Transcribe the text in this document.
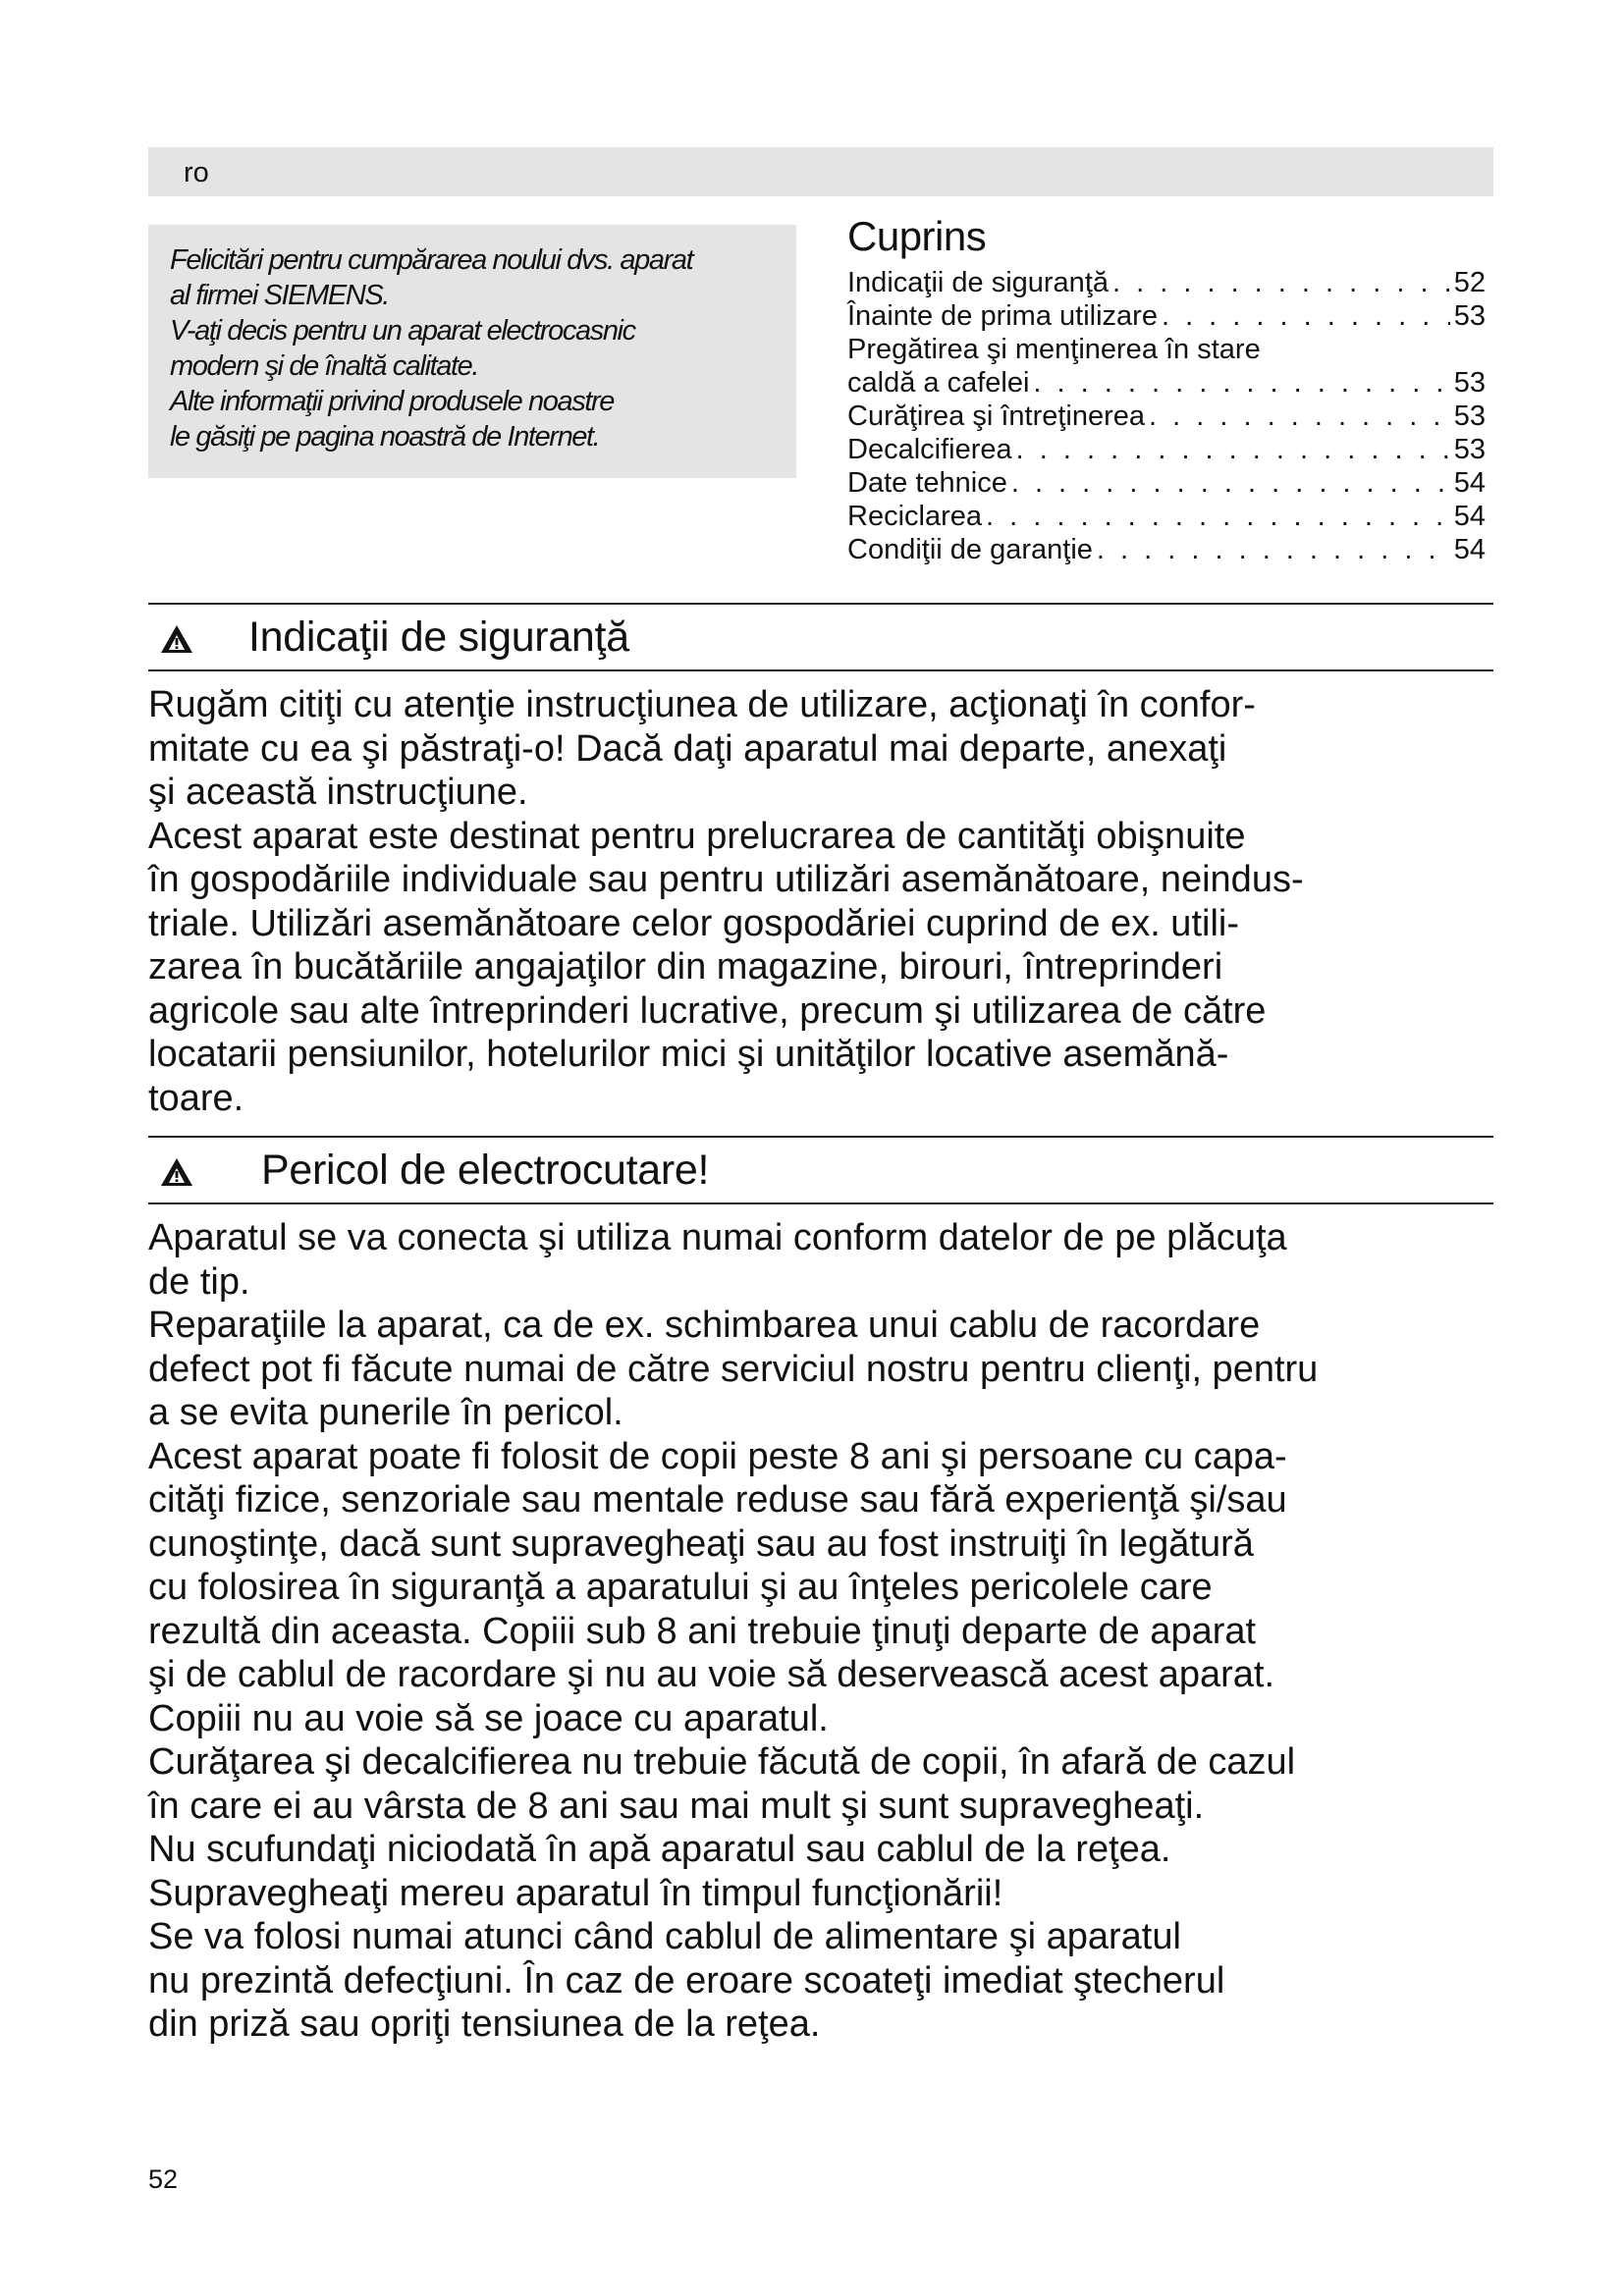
ro

Felicitări pentru cumpărarea noului dvs. aparat

al firmei SIEMENS.

V-aţi decis pentru un aparat electrocasnic

modern şi de înaltă calitate.

Alte informaţii privind produsele noastre

le găsiţi pe pagina noastră de Internet.

Cuprins
Indicaţii de siguranţă . . .	52
Înainte de prima utilizare . . .	53
Pregătirea şi menţinerea în stare
caldă a cafelei . . .	53
Curăţirea şi întreţinerea . . .	53
Decalcifierea . . .	53
Date tehnice . . .	54
Reciclarea . . .	54
Condiţii de garanţie . . .	54
Indicaţii de siguranţă

Rugăm citiţi cu atenţie instrucţiunea de utilizare, acţionaţi în confor-

mitate cu ea şi păstraţi-o! Dacă daţi aparatul mai departe, anexaţi

şi această instrucţiune.

Acest aparat este destinat pentru prelucrarea de cantităţi obişnuite

în gospodăriile individuale sau pentru utilizări asemănătoare, neindus-

triale. Utilizări asemănătoare celor gospodăriei cuprind de ex. utili-

zarea în bucătăriile angajaţilor din magazine, birouri, întreprinderi

agricole sau alte întreprinderi lucrative, precum şi utilizarea de către

locatarii pensiunilor, hotelurilor mici şi unităţilor locative asemănă-

toare.

Pericol de electrocutare!

Aparatul se va conecta şi utiliza numai conform datelor de pe plăcuţa

de tip.

Reparaţiile la aparat, ca de ex. schimbarea unui cablu de racordare

defect pot fi făcute numai de către serviciul nostru pentru clienţi, pentru

a se evita punerile în pericol.

Acest aparat poate fi folosit de copii peste 8 ani şi persoane cu capa-

cităţi fizice, senzoriale sau mentale reduse sau fără experienţă şi/sau

cunoştinţe, dacă sunt supravegheaţi sau au fost instruiţi în legătură

cu folosirea în siguranţă a aparatului şi au înţeles pericolele care

rezultă din aceasta. Copiii sub 8 ani trebuie ţinuţi departe de aparat

şi de cablul de racordare şi nu au voie să deservească acest aparat.

Copiii nu au voie să se joace cu aparatul.

Curăţarea şi decalcifierea nu trebuie făcută de copii, în afară de cazul

în care ei au vârsta de 8 ani sau mai mult şi sunt supravegheaţi.

Nu scufundaţi niciodată în apă aparatul sau cablul de la reţea.

Supravegheaţi mereu aparatul în timpul funcţionării!

Se va folosi numai atunci când cablul de alimentare şi aparatul

nu prezintă defecţiuni. În caz de eroare scoateţi imediat ştecherul

din priză sau opriţi tensiunea de la reţea.

52
